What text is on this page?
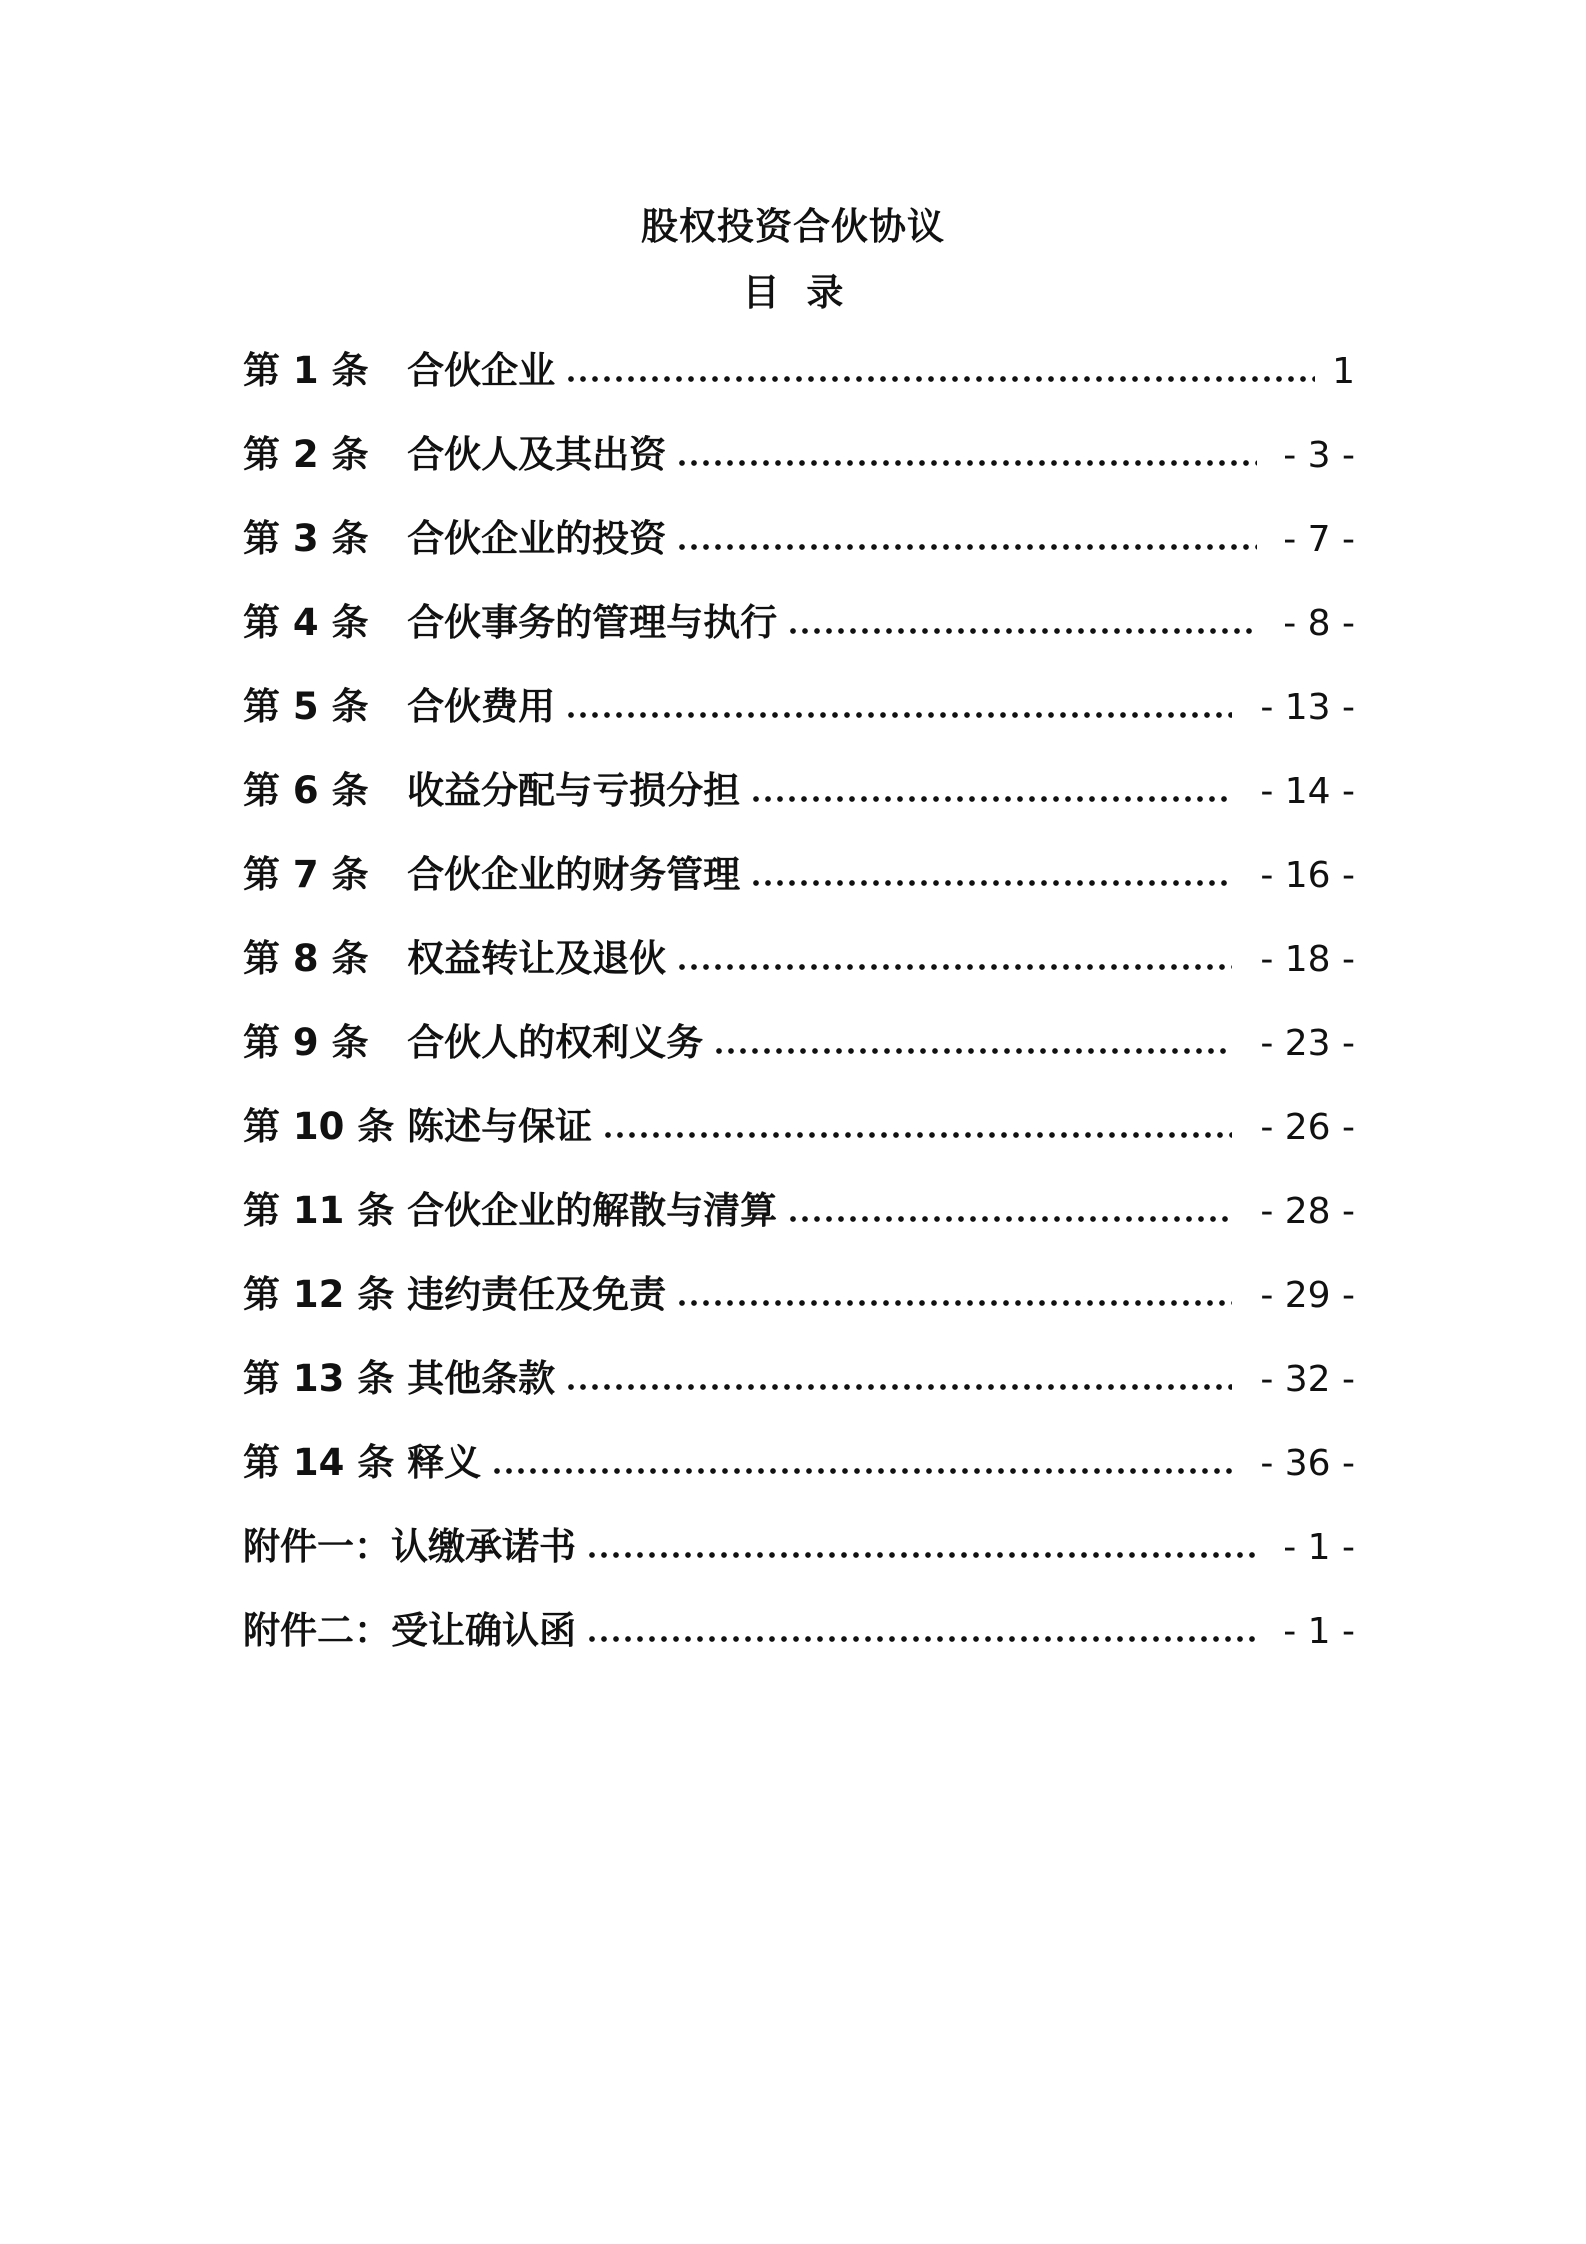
股权投资合伙协议
目 录
第 1 条   合伙企业	1
第 2 条   合伙人及其出资	- 3 -
第 3 条   合伙企业的投资	- 7 -
第 4 条   合伙事务的管理与执行	- 8 -
第 5 条   合伙费用	- 13 -
第 6 条   收益分配与亏损分担	- 14 -
第 7 条   合伙企业的财务管理	- 16 -
第 8 条   权益转让及退伙	- 18 -
第 9 条   合伙人的权利义务	- 23 -
第 10 条 陈述与保证	- 26 -
第 11 条 合伙企业的解散与清算	- 28 -
第 12 条 违约责任及免责	- 29 -
第 13 条 其他条款	- 32 -
第 14 条 释义	- 36 -
附件一：认缴承诺书	- 1 -
附件二：受让确认函	- 1 -
